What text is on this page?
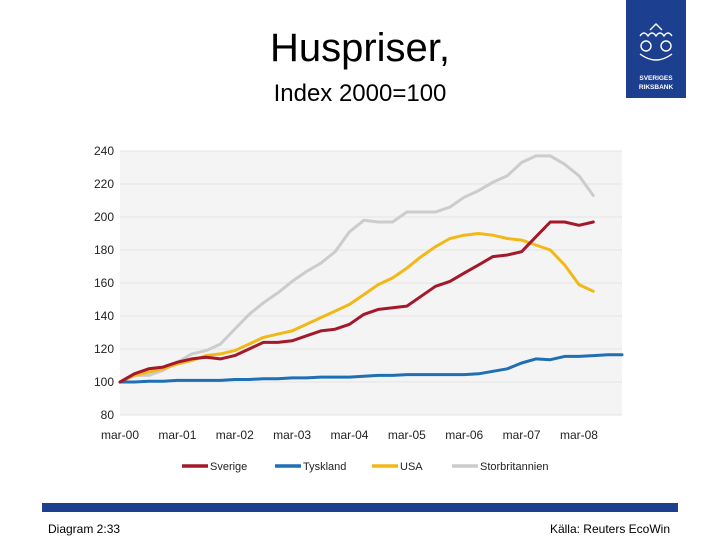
Huspriser,
Index 2000=100
SVERIGES
RIKSBANK
80
100
120
140
160
180
200
220
240
mar-00 mar-01 mar-02 mar-03 mar-04 mar-05 mar-06 mar-07 mar-08
Sverige	Tyskland	USA	Storbritannien
Diagram 2:33	Källa: Reuters EcoWin
